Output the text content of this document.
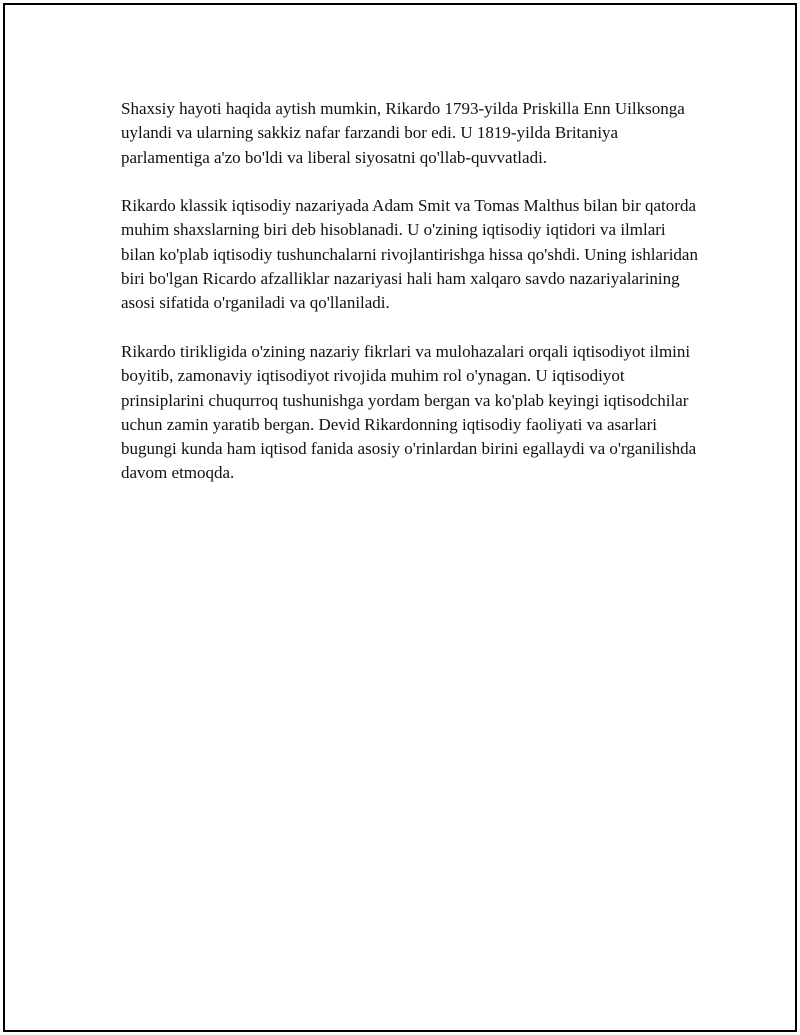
Shaxsiy hayoti haqida aytish mumkin, Rikardo 1793-yilda Priskilla Enn Uilksonga uylandi va ularning sakkiz nafar farzandi bor edi. U 1819-yilda Britaniya parlamentiga a'zo bo'ldi va liberal siyosatni qo'llab-quvvatladi.

Rikardo klassik iqtisodiy nazariyada Adam Smit va Tomas Malthus bilan bir qatorda muhim shaxslarning biri deb hisoblanadi. U o'zining iqtisodiy iqtidori va ilmlari bilan ko'plab iqtisodiy tushunchalarni rivojlantirishga hissa qo'shdi. Uning ishlaridan biri bo'lgan Ricardo afzalliklar nazariyasi hali ham xalqaro savdo nazariyalarining asosi sifatida o'rganiladi va qo'llaniladi.

Rikardo tirikligida o'zining nazariy fikrlari va mulohazalari orqali iqtisodiyot ilmini boyitib, zamonaviy iqtisodiyot rivojida muhim rol o'ynagan. U iqtisodiyot prinsiplarini chuqurroq tushunishga yordam bergan va ko'plab keyingi iqtisodchilar uchun zamin yaratib bergan. Devid Rikardonning iqtisodiy faoliyati va asarlari bugungi kunda ham iqtisod fanida asosiy o'rinlardan birini egallaydi va o'rganilishda davom etmoqda.
